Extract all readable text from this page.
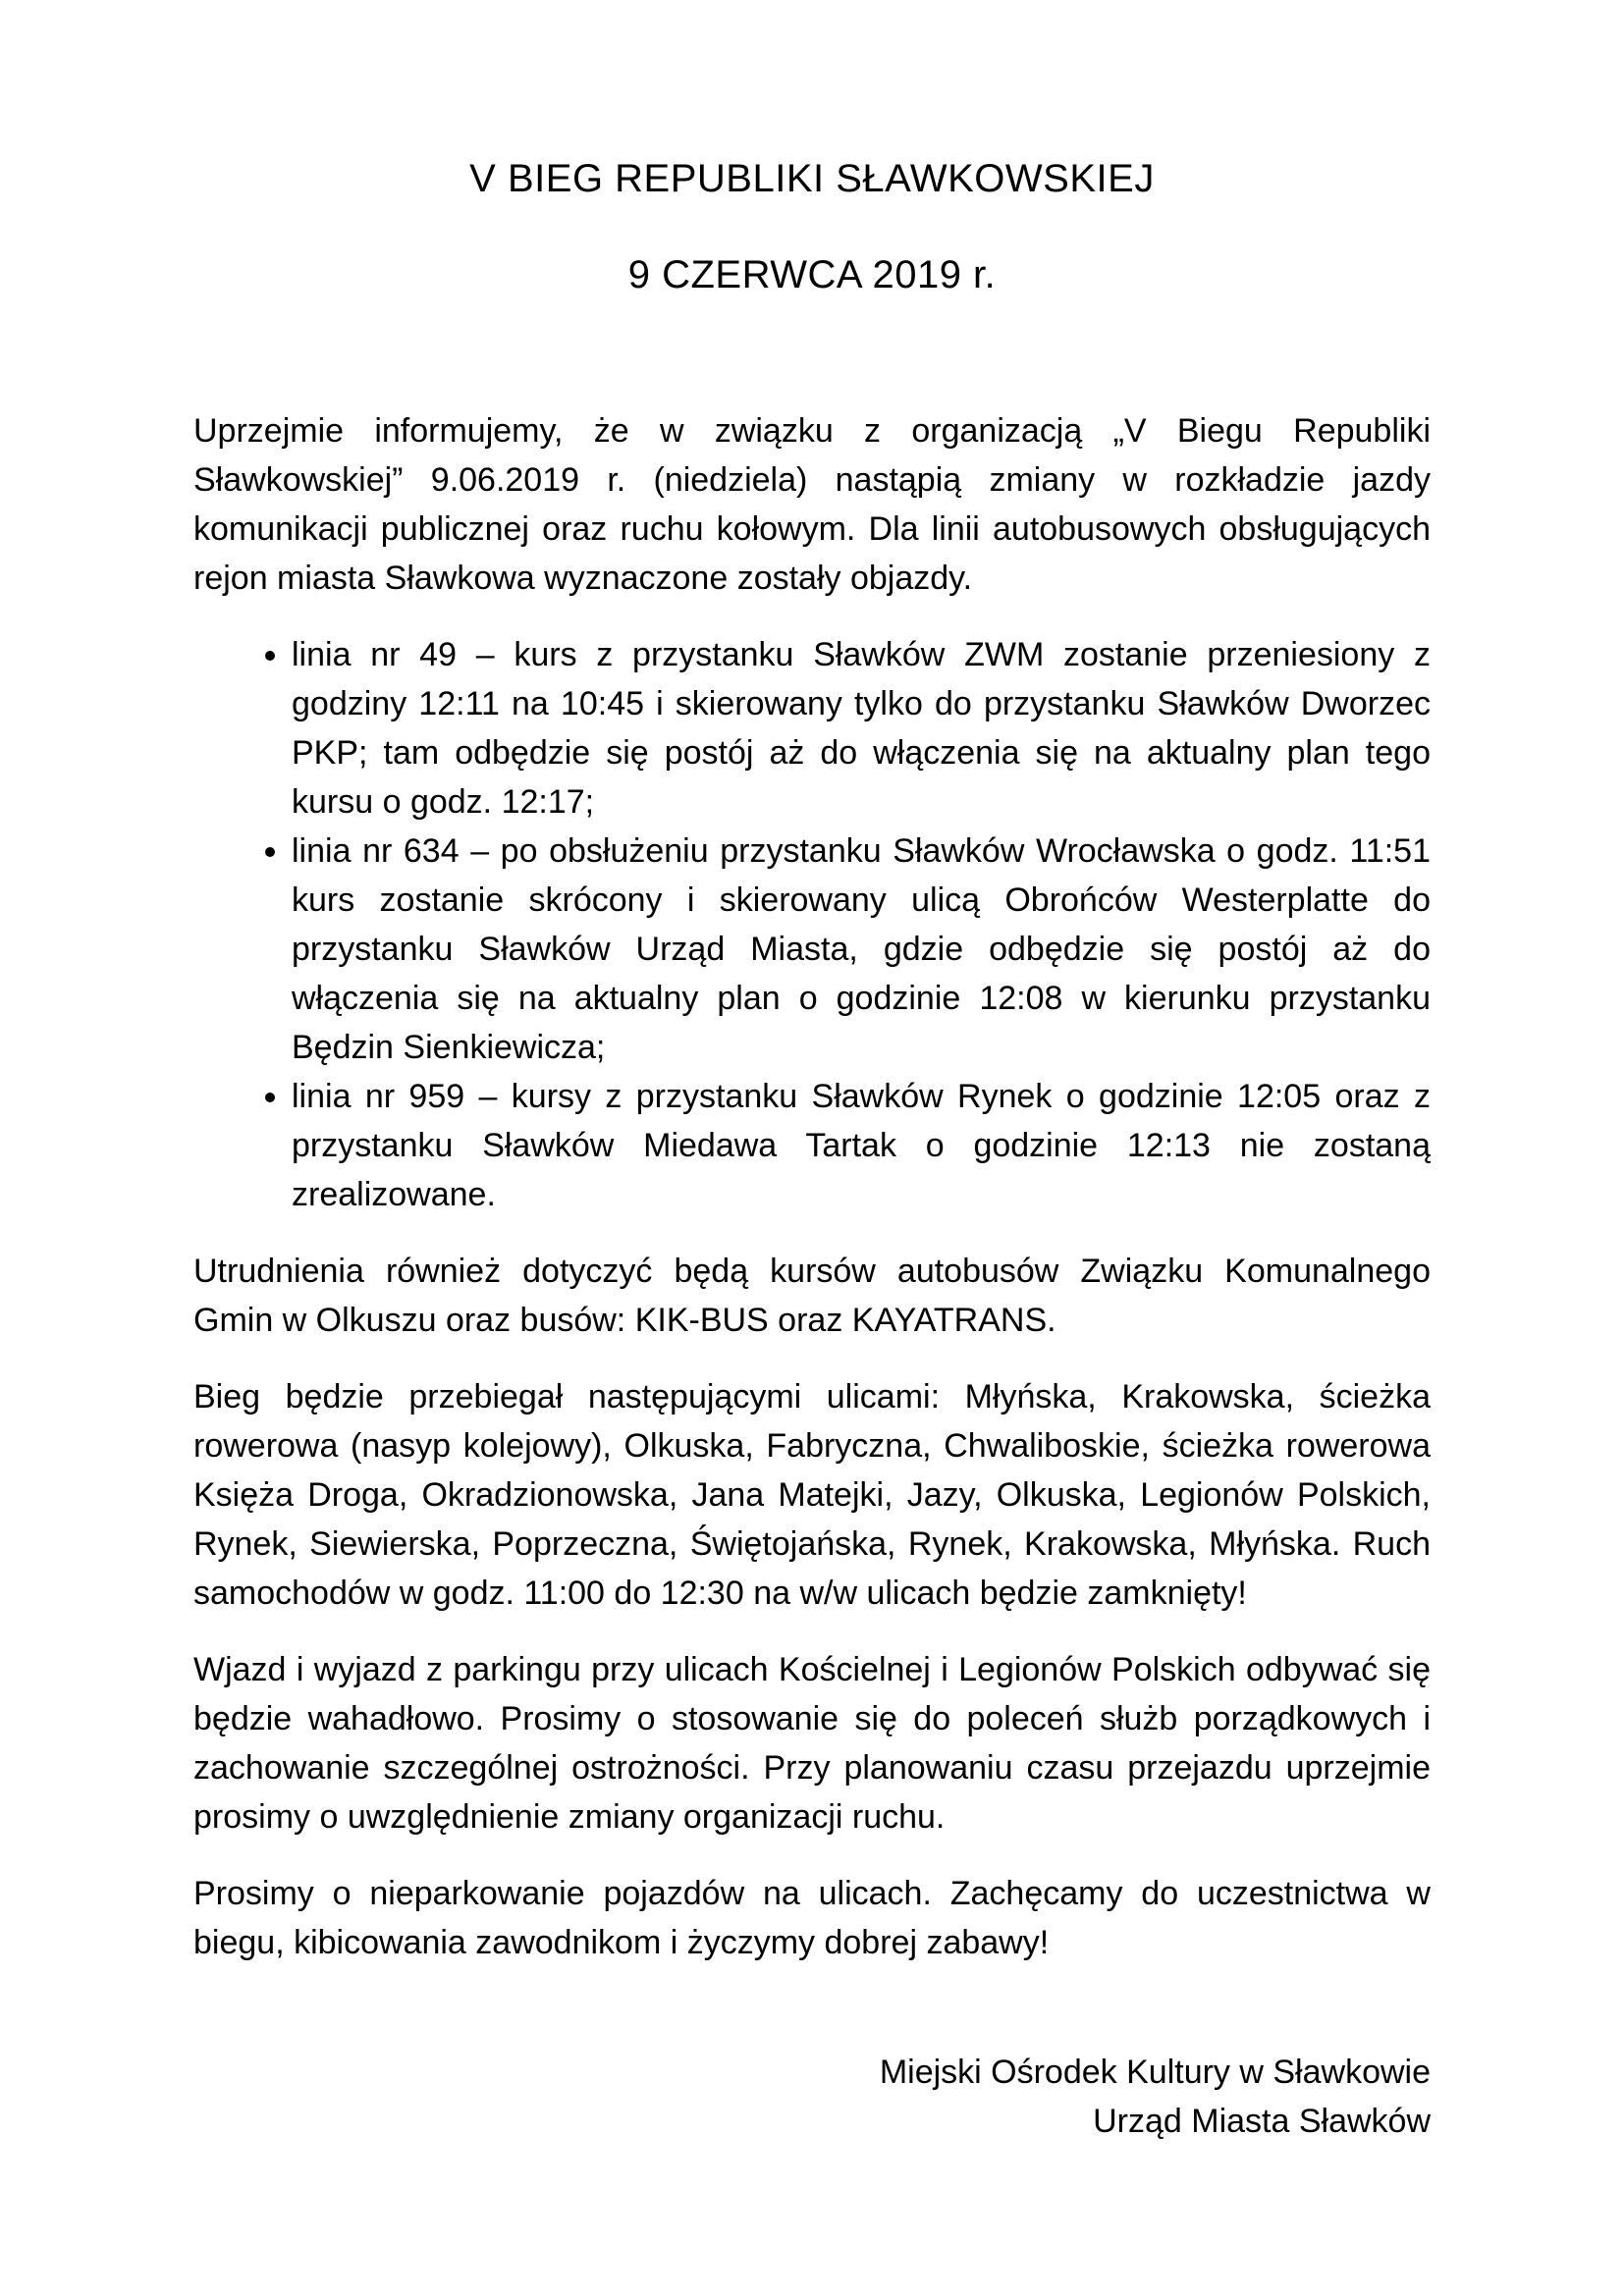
V BIEG REPUBLIKI SŁAWKOWSKIEJ
9 CZERWCA 2019 r.

Uprzejmie informujemy, że w związku z organizacją „V Biegu Republiki Sławkowskiej” 9.06.2019 r. (niedziela) nastąpią zmiany w rozkładzie jazdy komunikacji publicznej oraz ruchu kołowym. Dla linii autobusowych obsługujących rejon miasta Sławkowa wyznaczone zostały objazdy.

• linia nr 49 – kurs z przystanku Sławków ZWM zostanie przeniesiony z godziny 12:11 na 10:45 i skierowany tylko do przystanku Sławków Dworzec PKP; tam odbędzie się postój aż do włączenia się na aktualny plan tego kursu o godz. 12:17;
• linia nr 634 – po obsłużeniu przystanku Sławków Wrocławska o godz. 11:51 kurs zostanie skrócony i skierowany ulicą Obrońców Westerplatte do przystanku Sławków Urząd Miasta, gdzie odbędzie się postój aż do włączenia się na aktualny plan o godzinie 12:08 w kierunku przystanku Będzin Sienkiewicza;
• linia nr 959 – kursy z przystanku Sławków Rynek o godzinie 12:05 oraz z przystanku Sławków Miedawa Tartak o godzinie 12:13 nie zostaną zrealizowane.

Utrudnienia również dotyczyć będą kursów autobusów Związku Komunalnego Gmin w Olkuszu oraz busów: KIK-BUS oraz KAYATRANS.

Bieg będzie przebiegał następującymi ulicami: Młyńska, Krakowska, ścieżka rowerowa (nasyp kolejowy), Olkuska, Fabryczna, Chwaliboskie, ścieżka rowerowa Księża Droga, Okradzionowska, Jana Matejki, Jazy, Olkuska, Legionów Polskich, Rynek, Siewierska, Poprzeczna, Świętojańska, Rynek, Krakowska, Młyńska. Ruch samochodów w godz. 11:00 do 12:30 na w/w ulicach będzie zamknięty!

Wjazd i wyjazd z parkingu przy ulicach Kościelnej i Legionów Polskich odbywać się będzie wahadłowo. Prosimy o stosowanie się do poleceń służb porządkowych i zachowanie szczególnej ostrożności. Przy planowaniu czasu przejazdu uprzejmie prosimy o uwzględnienie zmiany organizacji ruchu.

Prosimy o nieparkowanie pojazdów na ulicach. Zachęcamy do uczestnictwa w biegu, kibicowania zawodnikom i życzymy dobrej zabawy!

Miejski Ośrodek Kultury w Sławkowie
Urząd Miasta Sławków
